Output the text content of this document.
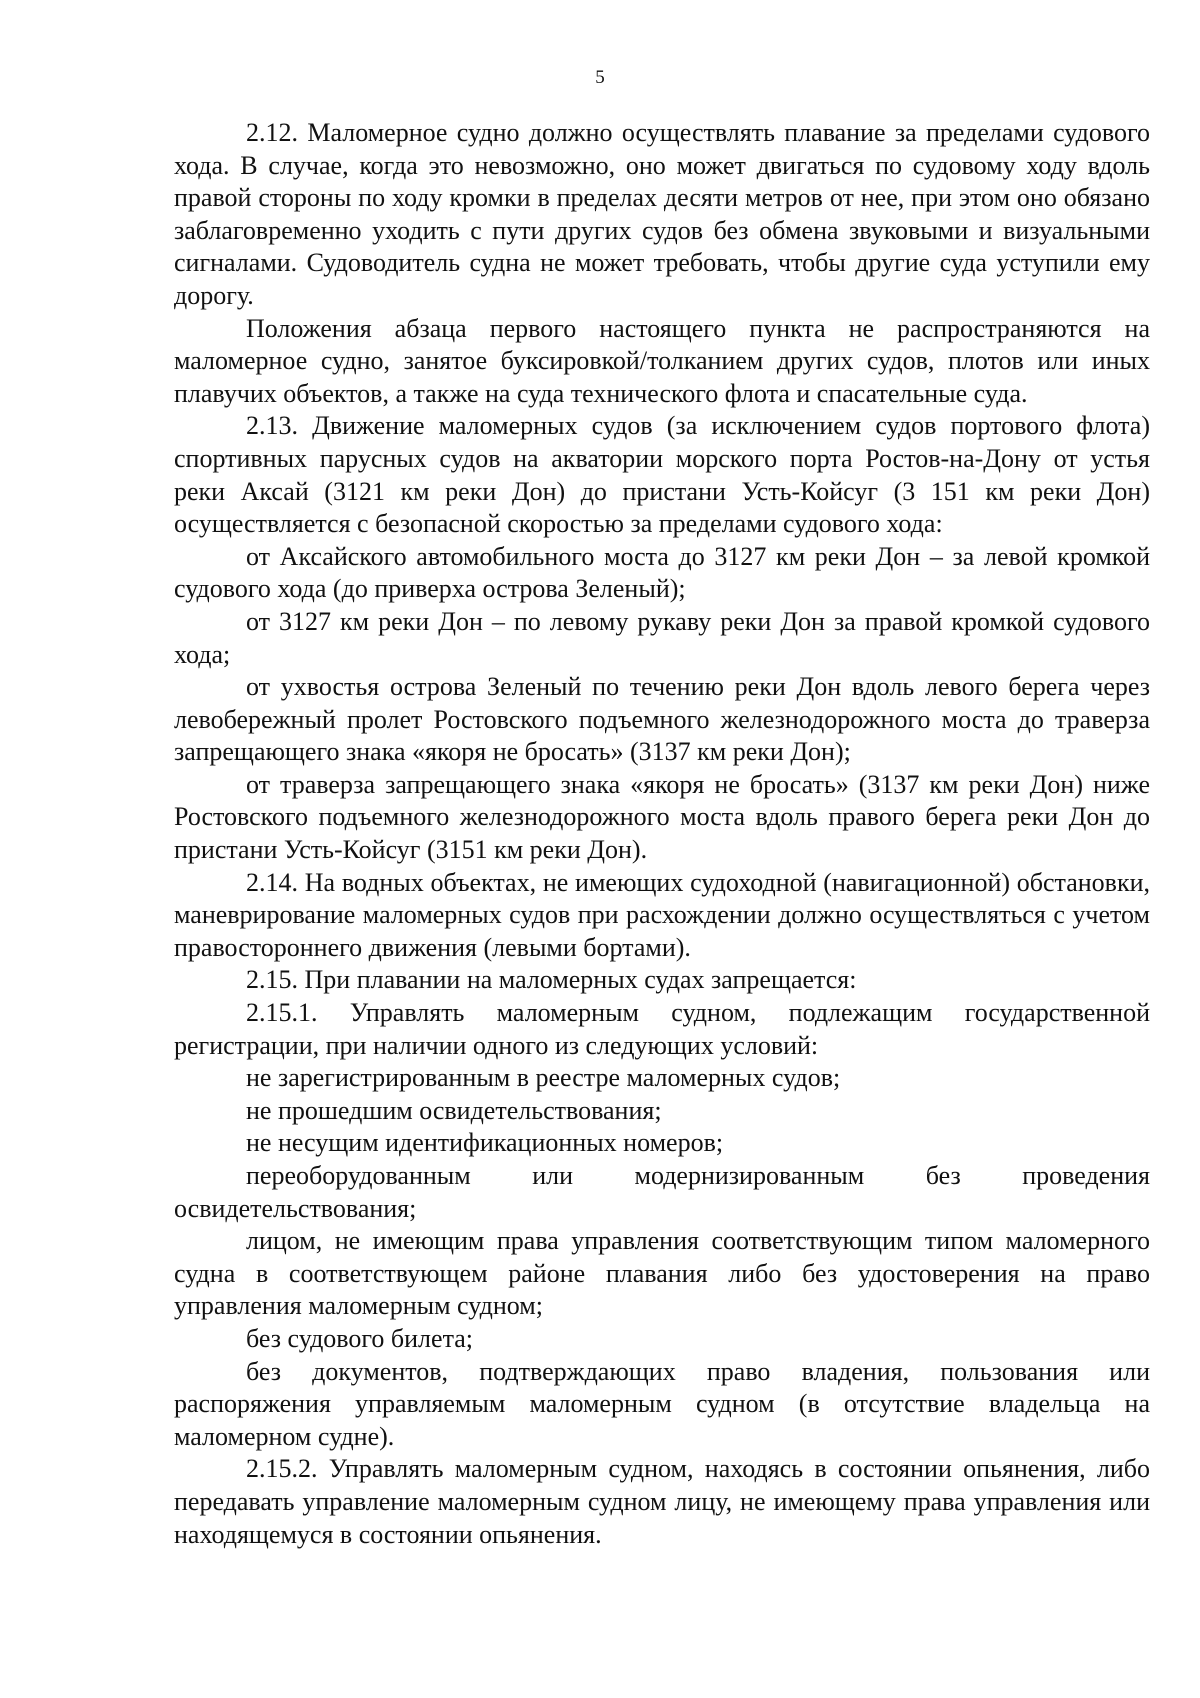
5

2.12. Маломерное судно должно осуществлять плавание за пределами судового хода. В случае, когда это невозможно, оно может двигаться по судовому ходу вдоль правой стороны по ходу кромки в пределах десяти метров от нее, при этом оно обязано заблаговременно уходить с пути других судов без обмена звуковыми и визуальными сигналами. Судоводитель судна не может требовать, чтобы другие суда уступили ему дорогу.

Положения абзаца первого настоящего пункта не распространяются на маломерное судно, занятое буксировкой/толканием других судов, плотов или иных плавучих объектов, а также на суда технического флота и спасательные суда.

2.13. Движение маломерных судов (за исключением судов портового флота) спортивных парусных судов на акватории морского порта Ростов-на-Дону от устья реки Аксай (3121 км реки Дон) до пристани Усть-Койсуг (3 151 км реки Дон) осуществляется с безопасной скоростью за пределами судового хода:

от Аксайского автомобильного моста до 3127 км реки Дон – за левой кромкой судового хода (до приверха острова Зеленый);

от 3127 км реки Дон – по левому рукаву реки Дон за правой кромкой судового хода;

от ухвостья острова Зеленый по течению реки Дон вдоль левого берега через левобережный пролет Ростовского подъемного железнодорожного моста до траверза запрещающего знака «якоря не бросать» (3137 км реки Дон);

от траверза запрещающего знака «якоря не бросать» (3137 км реки Дон) ниже Ростовского подъемного железнодорожного моста вдоль правого берега реки Дон до пристани Усть-Койсуг (3151 км реки Дон).

2.14. На водных объектах, не имеющих судоходной (навигационной) обстановки, маневрирование маломерных судов при расхождении должно осуществляться с учетом правостороннего движения (левыми бортами).

2.15. При плавании на маломерных судах запрещается:

2.15.1. Управлять маломерным судном, подлежащим государственной регистрации, при наличии одного из следующих условий:

не зарегистрированным в реестре маломерных судов;

не прошедшим освидетельствования;

не несущим идентификационных номеров;

переоборудованным или модернизированным без проведения освидетельствования;

лицом, не имеющим права управления соответствующим типом маломерного судна в соответствующем районе плавания либо без удостоверения на право управления маломерным судном;

без судового билета;

без документов, подтверждающих право владения, пользования или распоряжения управляемым маломерным судном (в отсутствие владельца на маломерном судне).

2.15.2. Управлять маломерным судном, находясь в состоянии опьянения, либо передавать управление маломерным судном лицу, не имеющему права управления или находящемуся в состоянии опьянения.
